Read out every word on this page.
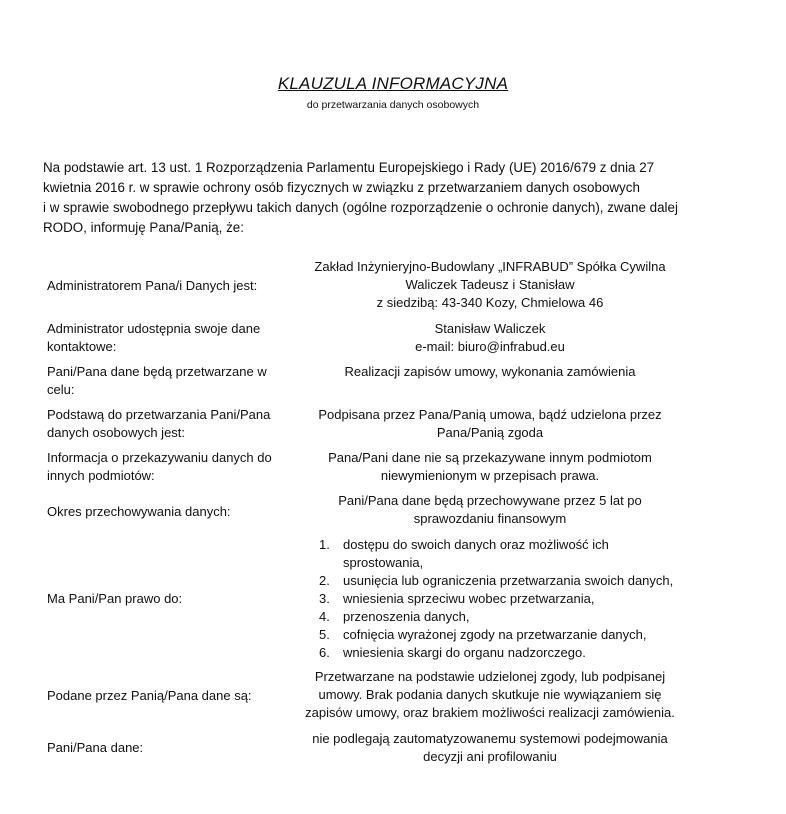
KLAUZULA INFORMACYJNA
do przetwarzania danych osobowych
Na podstawie art. 13 ust. 1 Rozporządzenia Parlamentu Europejskiego i Rady (UE) 2016/679 z dnia 27
kwietnia 2016 r. w sprawie ochrony osób fizycznych w związku z przetwarzaniem danych osobowych
i w sprawie swobodnego przepływu takich danych (ogólne rozporządzenie o ochronie danych), zwane dalej
RODO, informuję Pana/Panią, że:
Administratorem Pana/i Danych jest:
Zakład Inżynieryjno-Budowlany „INFRABUD” Spółka Cywilna
Waliczek Tadeusz i Stanisław
z siedzibą: 43-340 Kozy, Chmielowa 46
Administrator udostępnia swoje dane
kontaktowe:
Stanisław Waliczek
e-mail: biuro@infrabud.eu
Pani/Pana dane będą przetwarzane w
celu:
Realizacji zapisów umowy, wykonania zamówienia
Podstawą do przetwarzania Pani/Pana
danych osobowych jest:
Podpisana przez Pana/Panią umowa, bądź udzielona przez
Pana/Panią zgoda
Informacja o przekazywaniu danych do
innych podmiotów:
Pana/Pani dane nie są przekazywane innym podmiotom
niewymienionym w przepisach prawa.
Okres przechowywania danych:
Pani/Pana dane będą przechowywane przez 5 lat po
sprawozdaniu finansowym
Ma Pani/Pan prawo do:
1. dostępu do swoich danych oraz możliwość ich
sprostowania,
2. usunięcia lub ograniczenia przetwarzania swoich danych,
3. wniesienia sprzeciwu wobec przetwarzania,
4. przenoszenia danych,
5. cofnięcia wyrażonej zgody na przetwarzanie danych,
6. wniesienia skargi do organu nadzorczego.
Podane przez Panią/Pana dane są:
Przetwarzane na podstawie udzielonej zgody, lub podpisanej
umowy. Brak podania danych skutkuje nie wywiązaniem się
zapisów umowy, oraz brakiem możliwości realizacji zamówienia.
Pani/Pana dane:
nie podlegają zautomatyzowanemu systemowi podejmowania
decyzji ani profilowaniu
